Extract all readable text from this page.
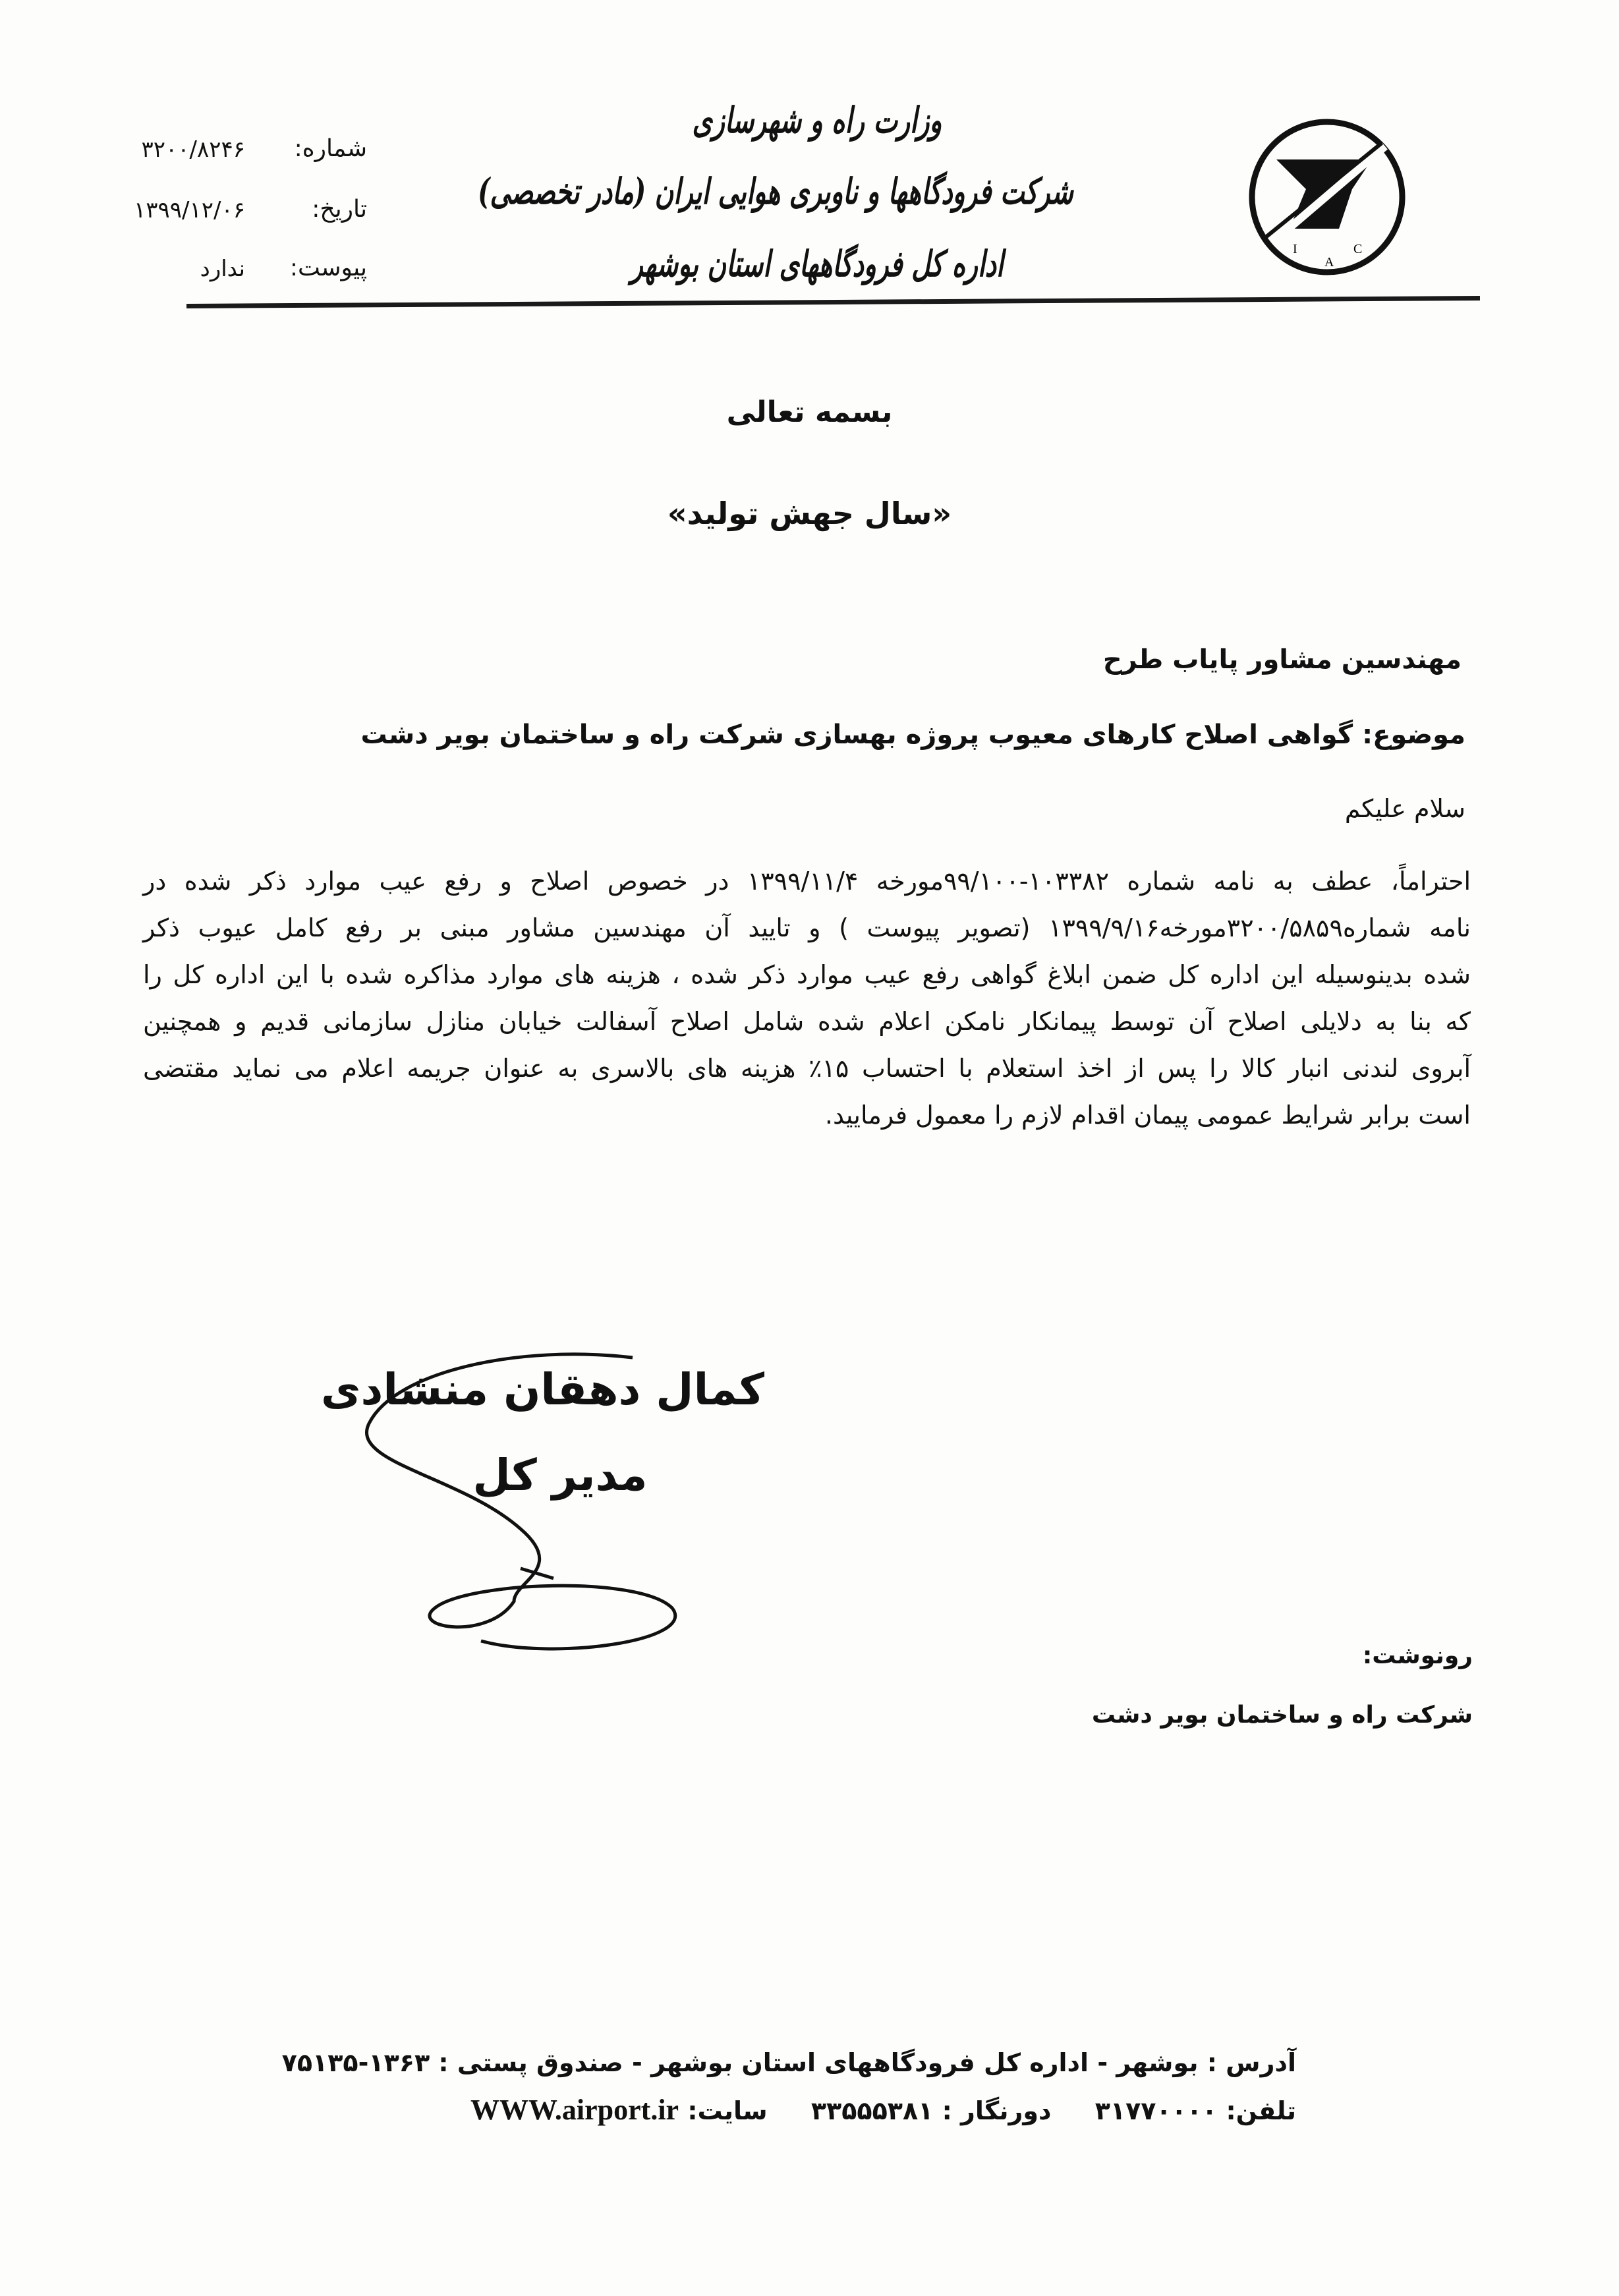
I
A
C
وزارت راه و شهرسازی
شرکت فرودگاهها و ناوبری هوایی ایران (مادر تخصصی)
اداره کل فرودگاههای استان بوشهر
شماره:
۳۲۰۰/۸۲۴۶
تاریخ:
۱۳۹۹/۱۲/۰۶
پیوست:
ندارد
بسمه تعالی
«سال جهش تولید»
مهندسین مشاور پایاب طرح
موضوع: گواهی اصلاح کارهای معیوب پروژه بهسازی شرکت راه و ساختمان بویر دشت
سلام علیکم
احتراماً، عطف به نامه شماره ۱۰۳۳۸۲-۹۹/۱۰۰مورخه ۱۳۹۹/۱۱/۴ در خصوص اصلاح و رفع عیب موارد ذکر شده در
نامه شماره۳۲۰۰/۵۸۵۹مورخه۱۳۹۹/۹/۱۶ (تصویر پیوست ) و تایید آن مهندسین مشاور مبنی بر رفع کامل عیوب ذکر
شده بدینوسیله این اداره کل ضمن ابلاغ گواهی رفع عیب موارد ذکر شده ، هزینه های موارد مذاکره شده با این اداره کل را
که بنا به دلایلی اصلاح آن توسط پیمانکار نامکن اعلام شده شامل اصلاح آسفالت خیابان منازل سازمانی قدیم و همچنین
آبروی لندنی انبار کالا را پس از اخذ استعلام با احتساب ۱۵٪ هزینه های بالاسری به عنوان جریمه اعلام می نماید مقتضی
است برابر شرایط عمومی پیمان اقدام لازم را معمول فرمایید.
کمال دهقان منشادی
مدیر کل
رونوشت:
شرکت راه و ساختمان بویر دشت
آدرس : بوشهر - اداره کل فرودگاههای استان بوشهر - صندوق پستی : ۱۳۶۳-۷۵۱۳۵
تلفن: ۳۱۷۷۰۰۰۰     دورنگار : ۳۳۵۵۵۳۸۱     سایت: WWW.airport.ir
